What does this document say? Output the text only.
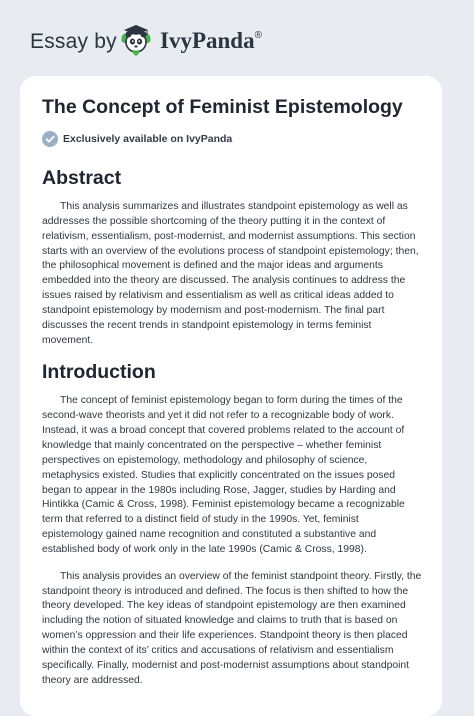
Essay by IvyPanda®
The Concept of Feminist Epistemology
Exclusively available on IvyPanda
Abstract

This analysis summarizes and illustrates standpoint epistemology as well as addresses the possible shortcoming of the theory putting it in the context of relativism, essentialism, post-modernist, and modernist assumptions. This section starts with an overview of the evolutions process of standpoint epistemology; then, the philosophical movement is defined and the major ideas and arguments embedded into the theory are discussed. The analysis continues to address the issues raised by relativism and essentialism as well as critical ideas added to standpoint epistemology by modernism and post-modernism. The final part discusses the recent trends in standpoint epistemology in terms feminist movement.

Introduction

The concept of feminist epistemology began to form during the times of the second-wave theorists and yet it did not refer to a recognizable body of work. Instead, it was a broad concept that covered problems related to the account of knowledge that mainly concentrated on the perspective – whether feminist perspectives on epistemology, methodology and philosophy of science, metaphysics existed. Studies that explicitly concentrated on the issues posed began to appear in the 1980s including Rose, Jagger, studies by Harding and Hintikka (Camic & Cross, 1998). Feminist epistemology became a recognizable term that referred to a distinct field of study in the 1990s. Yet, feminist epistemology gained name recognition and constituted a substantive and established body of work only in the late 1990s (Camic & Cross, 1998).

This analysis provides an overview of the feminist standpoint theory. Firstly, the standpoint theory is introduced and defined. The focus is then shifted to how the theory developed. The key ideas of standpoint epistemology are then examined including the notion of situated knowledge and claims to truth that is based on women’s oppression and their life experiences. Standpoint theory is then placed within the context of its’ critics and accusations of relativism and essentialism specifically. Finally, modernist and post-modernist assumptions about standpoint theory are addressed.
